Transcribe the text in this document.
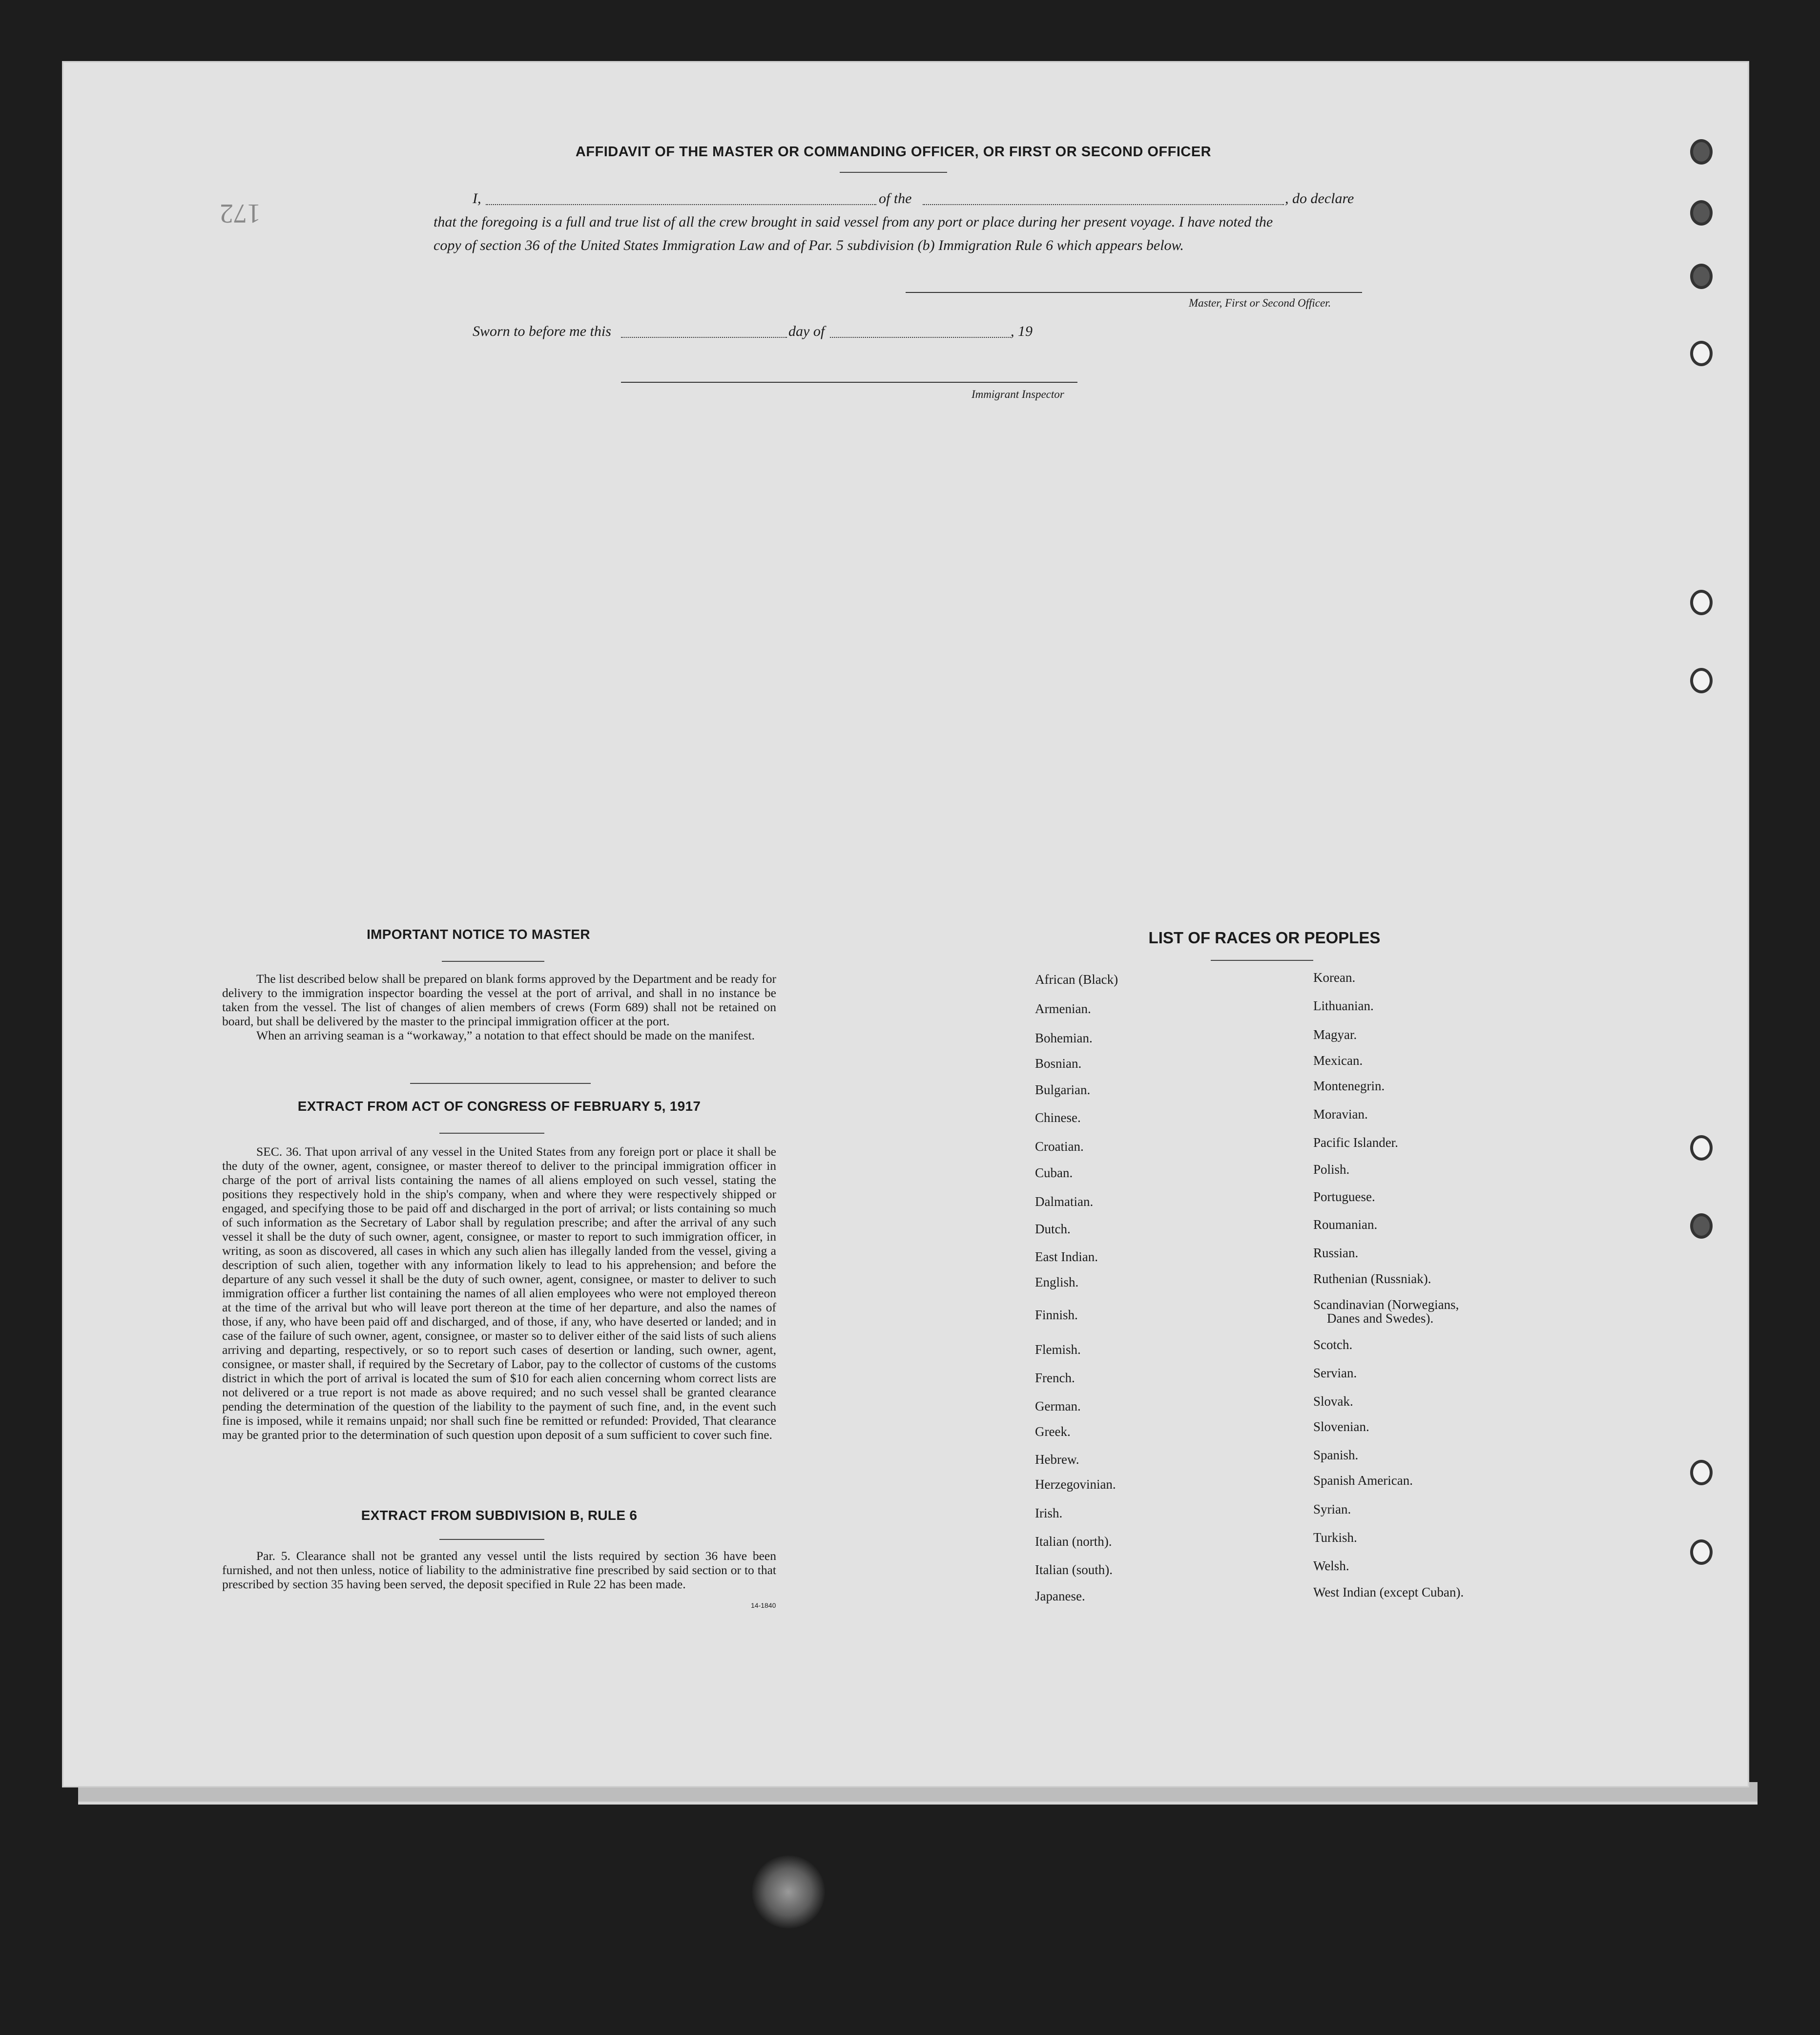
172
AFFIDAVIT OF THE MASTER OR COMMANDING OFFICER, OR FIRST OR SECOND OFFICER
I,	of the	, do declare
that the foregoing is a full and true list of all the crew brought in said vessel from any port or place during her present voyage. I have noted the
copy of section 36 of the United States Immigration Law and of Par. 5 subdivision (b) Immigration Rule 6 which appears below.
Master, First or Second Officer.
Sworn to before me this	day of	, 19
Immigrant Inspector
IMPORTANT NOTICE TO MASTER

The list described below shall be prepared on blank forms approved by the Department and be ready for delivery to the immigration inspector boarding the vessel at the port of arrival, and shall in no instance be taken from the vessel. The list of changes of alien members of crews (Form 689) shall not be retained on board, but shall be delivered by the master to the principal immigration officer at the port.

When an arriving seaman is a “workaway,” a notation to that effect should be made on the manifest.

EXTRACT FROM ACT OF CONGRESS OF FEBRUARY 5, 1917

SEC. 36. That upon arrival of any vessel in the United States from any foreign port or place it shall be the duty of the owner, agent, consignee, or master thereof to deliver to the principal immigration officer in charge of the port of arrival lists containing the names of all aliens employed on such vessel, stating the positions they respectively hold in the ship's company, when and where they were respectively shipped or engaged, and specifying those to be paid off and discharged in the port of arrival; or lists containing so much of such information as the Secretary of Labor shall by regulation prescribe; and after the arrival of any such vessel it shall be the duty of such owner, agent, consignee, or master to report to such immigration officer, in writing, as soon as discovered, all cases in which any such alien has illegally landed from the vessel, giving a description of such alien, together with any information likely to lead to his apprehension; and before the departure of any such vessel it shall be the duty of such owner, agent, consignee, or master to deliver to such immigration officer a further list containing the names of all alien employees who were not employed thereon at the time of the arrival but who will leave port thereon at the time of her departure, and also the names of those, if any, who have been paid off and discharged, and of those, if any, who have deserted or landed; and in case of the failure of such owner, agent, consignee, or master so to deliver either of the said lists of such aliens arriving and departing, respectively, or so to report such cases of desertion or landing, such owner, agent, consignee, or master shall, if required by the Secretary of Labor, pay to the collector of customs of the customs district in which the port of arrival is located the sum of $10 for each alien concerning whom correct lists are not delivered or a true report is not made as above required; and no such vessel shall be granted clearance pending the determination of the question of the liability to the payment of such fine, and, in the event such fine is imposed, while it remains unpaid; nor shall such fine be remitted or refunded: Provided, That clearance may be granted prior to the determination of such question upon deposit of a sum sufficient to cover such fine.

EXTRACT FROM SUBDIVISION B, RULE 6

Par. 5. Clearance shall not be granted any vessel until the lists required by section 36 have been furnished, and not then unless, notice of liability to the administrative fine prescribed by said section or to that prescribed by section 35 having been served, the deposit specified in Rule 22 has been made.

14-1840
LIST OF RACES OR PEOPLES
African (Black)
Armenian.
Bohemian.
Bosnian.
Bulgarian.
Chinese.
Croatian.
Cuban.
Dalmatian.
Dutch.
East Indian.
English.
Finnish.
Flemish.
French.
German.
Greek.
Hebrew.
Herzegovinian.
Irish.
Italian (north).
Italian (south).
Japanese.
Korean.
Lithuanian.
Magyar.
Mexican.
Montenegrin.
Moravian.
Pacific Islander.
Polish.
Portuguese.
Roumanian.
Russian.
Ruthenian (Russniak).
Scandinavian (Norwegians,
Danes and Swedes).
Scotch.
Servian.
Slovak.
Slovenian.
Spanish.
Spanish American.
Syrian.
Turkish.
Welsh.
West Indian (except Cuban).
